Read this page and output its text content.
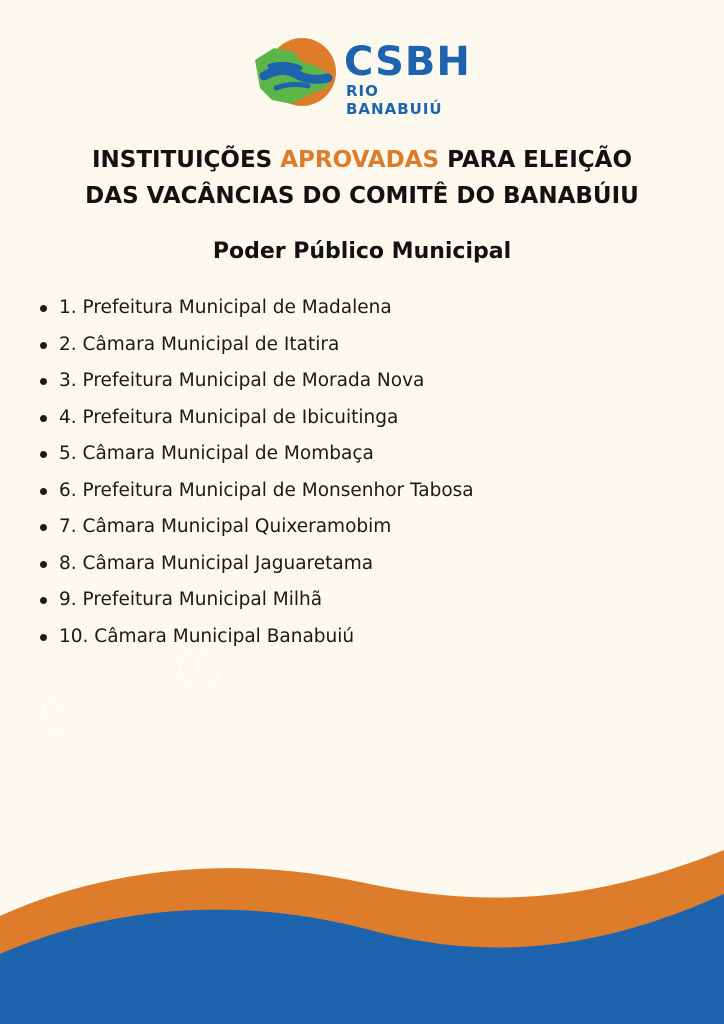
CSBH
RIO BANABUIÚ
INSTITUIÇÕES APROVADAS PARA ELEIÇÃO
DAS VACÂNCIAS DO COMITÊ DO BANABÚIU
Poder Público Municipal
1. Prefeitura Municipal de Madalena
2. Câmara Municipal de Itatira
3. Prefeitura Municipal de Morada Nova
4. Prefeitura Municipal de Ibicuitinga
5. Câmara Municipal de Mombaça
6. Prefeitura Municipal de Monsenhor Tabosa
7. Câmara Municipal Quixeramobim
8. Câmara Municipal Jaguaretama
9. Prefeitura Municipal Milhã
10. Câmara Municipal Banabuiú
